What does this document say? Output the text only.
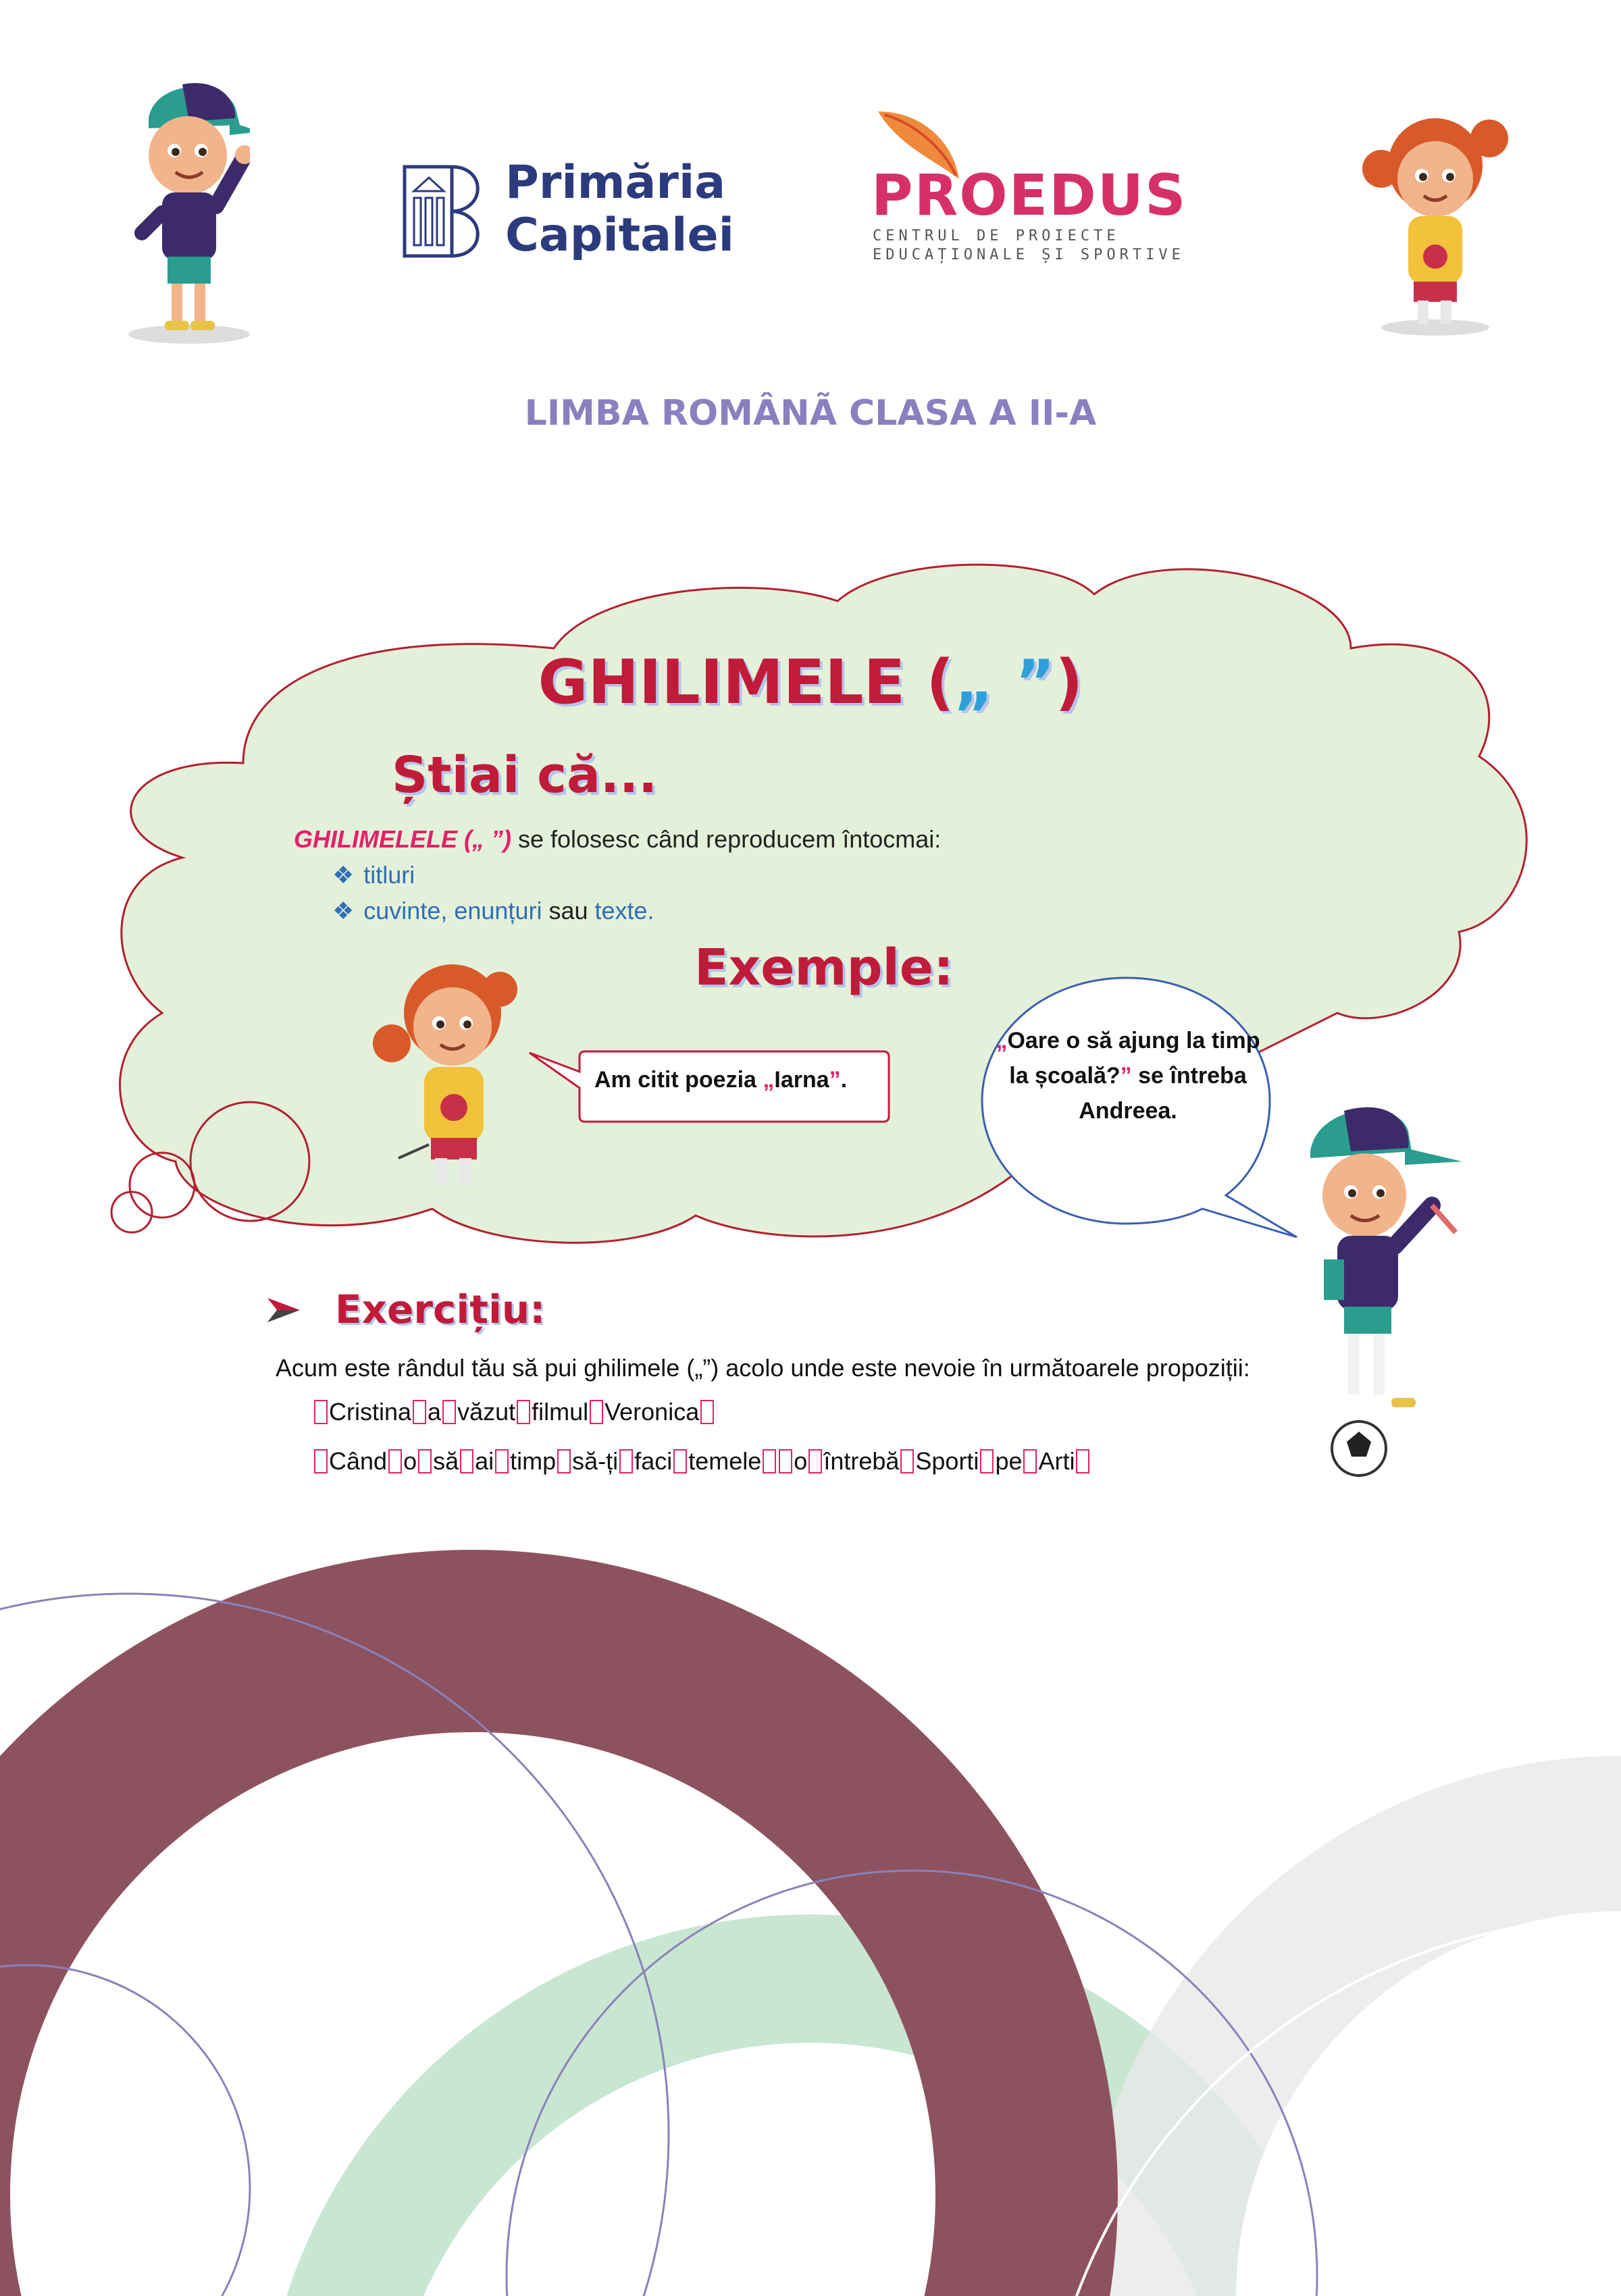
Primăria
Capitalei
PROEDUS
CENTRUL DE PROIECTE
EDUCAȚIONALE ȘI SPORTIVE
LIMBA ROMÂNÃ CLASA A II-A
GHILIMELE („ ”)
Știai că...
GHILIMELELE („ ”) se folosesc când reproducem întocmai:
❖ titluri
❖ cuvinte, enunțuri sau texte.
Exemple:
Am citit poezia „Iarna”.
„Oare o să ajung la timp la școală?” se întreba Andreea.
Exercițiu:
Acum este rândul tău să pui ghilimele („”) acolo unde este nevoie în următoarele propoziții:
Cristina a văzut filmul Veronica
Când o să ai timp să-ți faci temele o întrebă Sporti pe Arti
